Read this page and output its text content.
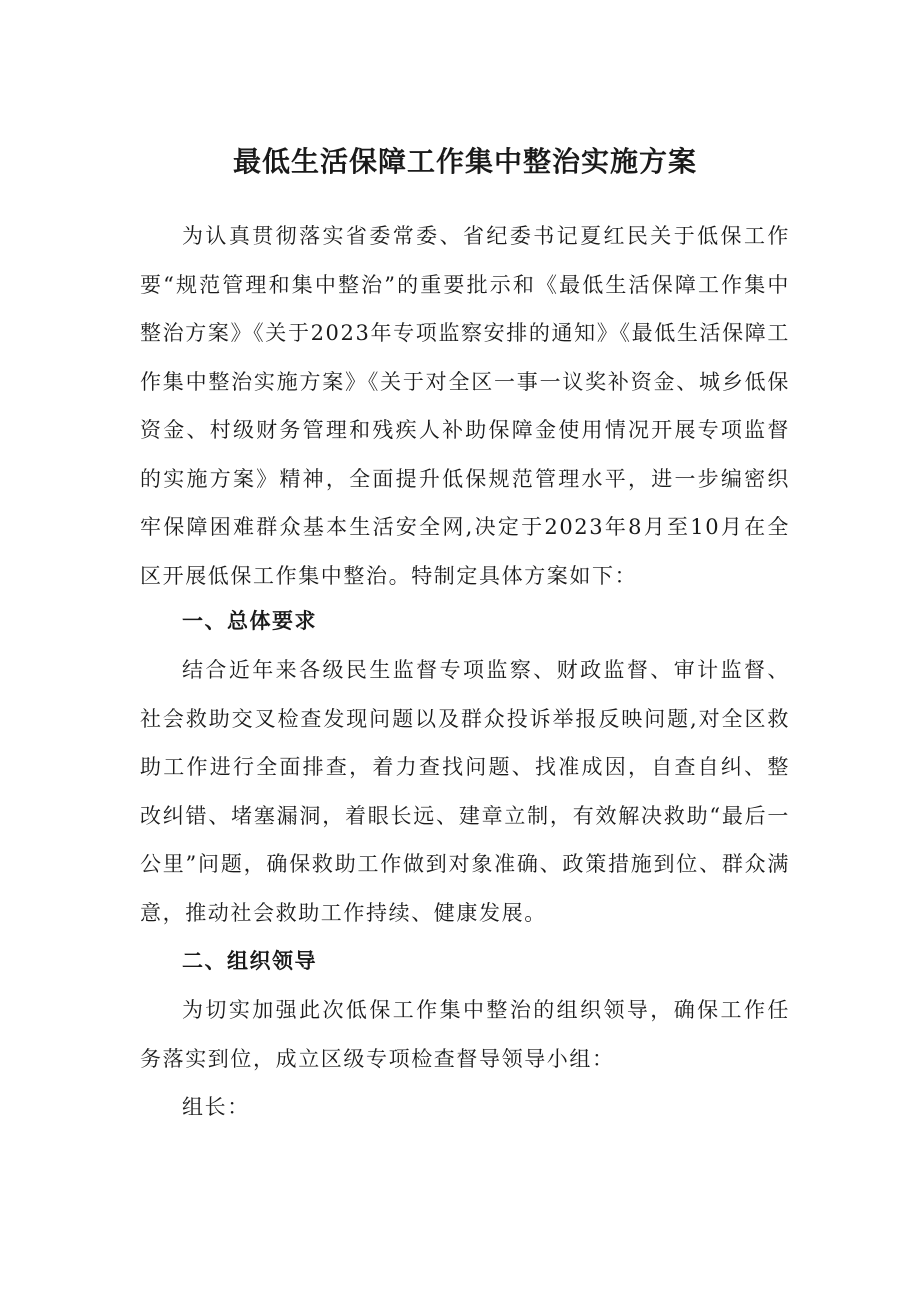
最低生活保障工作集中整治实施方案

为认真贯彻落实省委常委、省纪委书记夏红民关于低保工作要“规范管理和集中整治”的重要批示和《最低生活保障工作集中整治方案》《关于2023年专项监察安排的通知》《最低生活保障工作集中整治实施方案》《关于对全区一事一议奖补资金、城乡低保资金、村级财务管理和残疾人补助保障金使用情况开展专项监督的实施方案》精神，全面提升低保规范管理水平，进一步编密织牢保障困难群众基本生活安全网,决定于2023年8月至10月在全区开展低保工作集中整治。特制定具体方案如下：

一、总体要求

结合近年来各级民生监督专项监察、财政监督、审计监督、社会救助交叉检查发现问题以及群众投诉举报反映问题,对全区救助工作进行全面排查，着力查找问题、找准成因，自查自纠、整改纠错、堵塞漏洞，着眼长远、建章立制，有效解决救助“最后一公里”问题，确保救助工作做到对象准确、政策措施到位、群众满意，推动社会救助工作持续、健康发展。

二、组织领导

为切实加强此次低保工作集中整治的组织领导，确保工作任务落实到位，成立区级专项检查督导领导小组：

组长：
